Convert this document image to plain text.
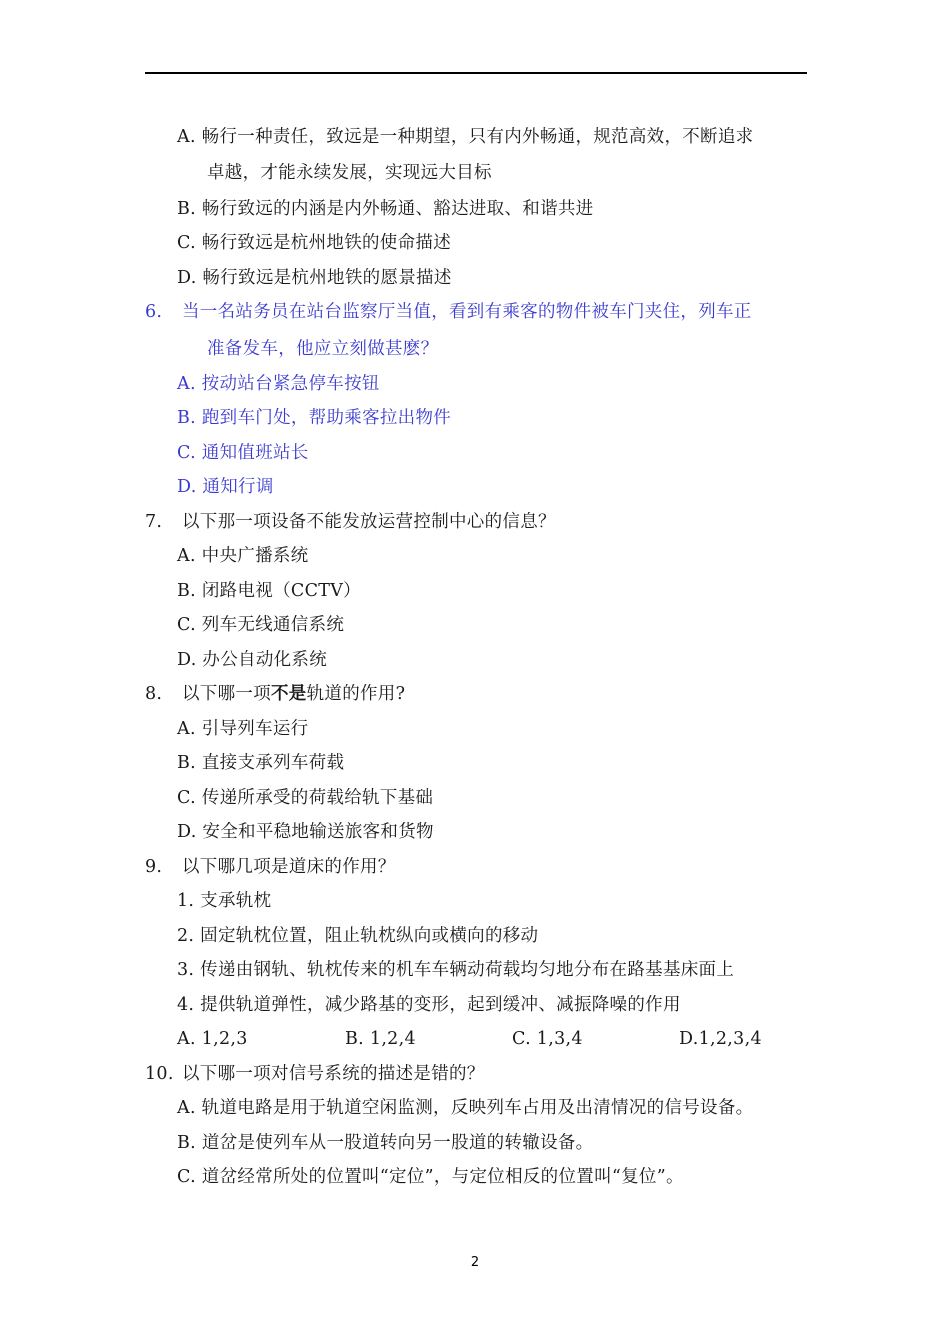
A. 畅行一种责任，致远是一种期望，只有内外畅通，规范高效，不断追求
卓越，才能永续发展，实现远大目标
B. 畅行致远的内涵是内外畅通、豁达进取、和谐共进
C. 畅行致远是杭州地铁的使命描述
D. 畅行致远是杭州地铁的愿景描述
6. 当一名站务员在站台监察厅当值，看到有乘客的物件被车门夹住，列车正
准备发车，他应立刻做甚麽？
A. 按动站台紧急停车按钮
B. 跑到车门处，帮助乘客拉出物件
C. 通知值班站长
D. 通知行调
7. 以下那一项设备不能发放运营控制中心的信息？
A. 中央广播系统
B. 闭路电视（CCTV）
C. 列车无线通信系统
D. 办公自动化系统
8. 以下哪一项不是轨道的作用?
A. 引导列车运行
B. 直接支承列车荷载
C. 传递所承受的荷载给轨下基础
D. 安全和平稳地输送旅客和货物
9. 以下哪几项是道床的作用？
1. 支承轨枕
2. 固定轨枕位置，阻止轨枕纵向或横向的移动
3. 传递由钢轨、轨枕传来的机车车辆动荷载均匀地分布在路基基床面上
4. 提供轨道弹性，减少路基的变形，起到缓冲、减振降噪的作用
A. 1,2,3	B. 1,2,4	C. 1,3,4	D.1,2,3,4
10. 以下哪一项对信号系统的描述是错的？
A. 轨道电路是用于轨道空闲监测，反映列车占用及出清情况的信号设备。
B. 道岔是使列车从一股道转向另一股道的转辙设备。
C. 道岔经常所处的位置叫“定位”，与定位相反的位置叫“复位”。
2
